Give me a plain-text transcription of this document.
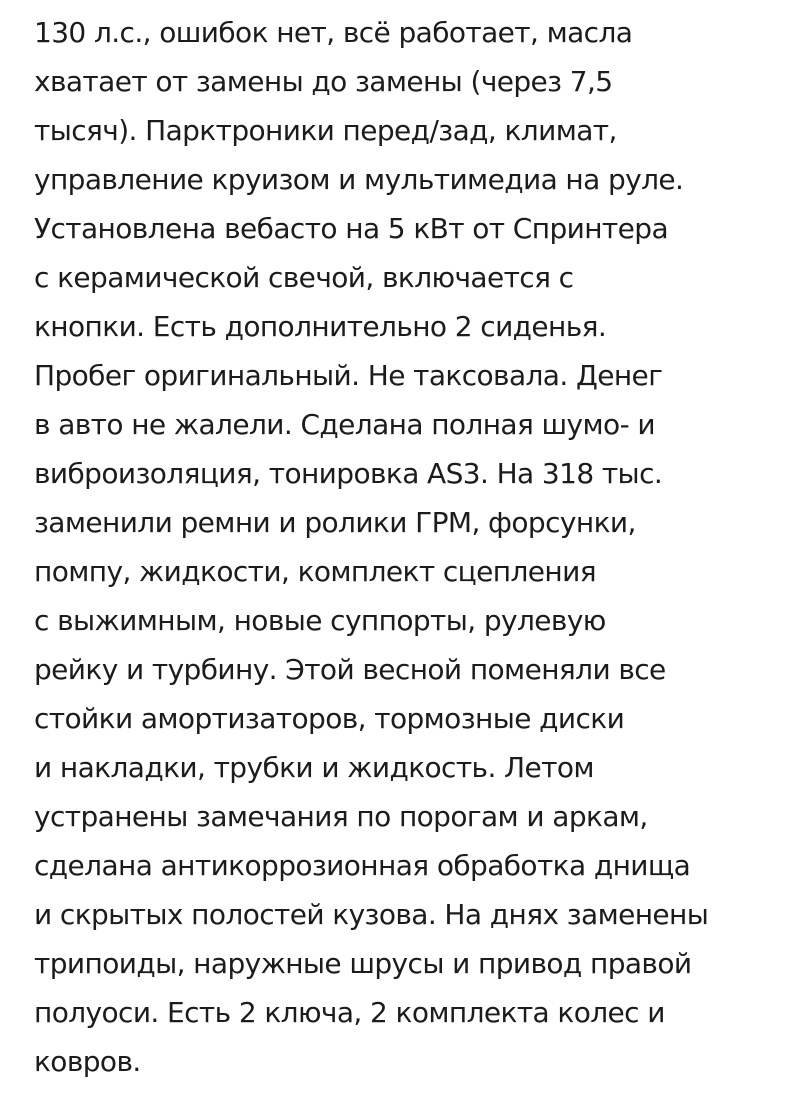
130 л.с., ошибок нет, всё работает, масла
хватает от замены до замены (через 7,5
тысяч). Парктроники перед/зад, климат,
управление круизом и мультимедиа на руле.
Установлена вебасто на 5 кВт от Спринтера
с керамической свечой, включается с
кнопки. Есть дополнительно 2 сиденья.
Пробег оригинальный. Не таксовала. Денег
в авто не жалели. Сделана полная шумо- и
виброизоляция, тонировка AS3. На 318 тыс.
заменили ремни и ролики ГРМ, форсунки,
помпу, жидкости, комплект сцепления
с выжимным, новые суппорты, рулевую
рейку и турбину. Этой весной поменяли все
стойки амортизаторов, тормозные диски
и накладки, трубки и жидкость. Летом
устранены замечания по порогам и аркам,
сделана антикоррозионная обработка днища
и скрытых полостей кузова. На днях заменены
трипоиды, наружные шрусы и привод правой
полуоси. Есть 2 ключа, 2 комплекта колес и
ковров.
